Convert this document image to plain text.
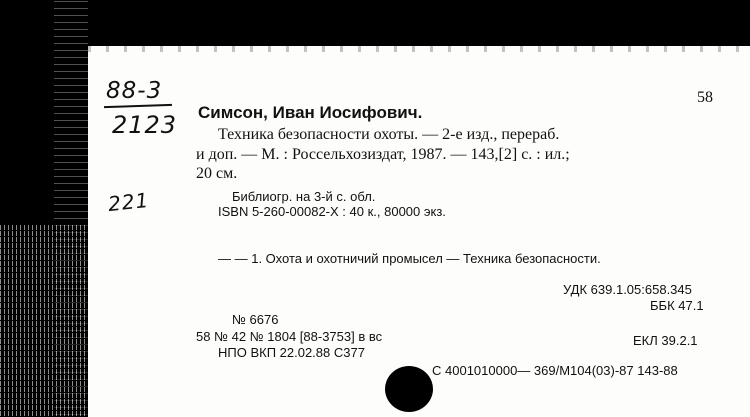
88-3
2123
221
58
Симсон, Иван Иосифович.
Техника безопасности охоты. — 2-е изд., перераб.
и доп. — М. : Россельхозиздат, 1987. — 143,[2] с. : ил.;
20 см.
Библиогр. на 3-й с. обл.
ISBN 5-260-00082-X : 40 к., 80000 экз.
— — 1. Охота и охотничий промысел — Техника безопасности.
УДК 639.1.05:658.345
ББК 47.1
№ 6676
58 № 42 № 1804 [88-3753] в вс	ЕКЛ 39.2.1
НПО ВКП 22.02.88 С377
С 4001010000— 369/М104(03)-87 143-88
